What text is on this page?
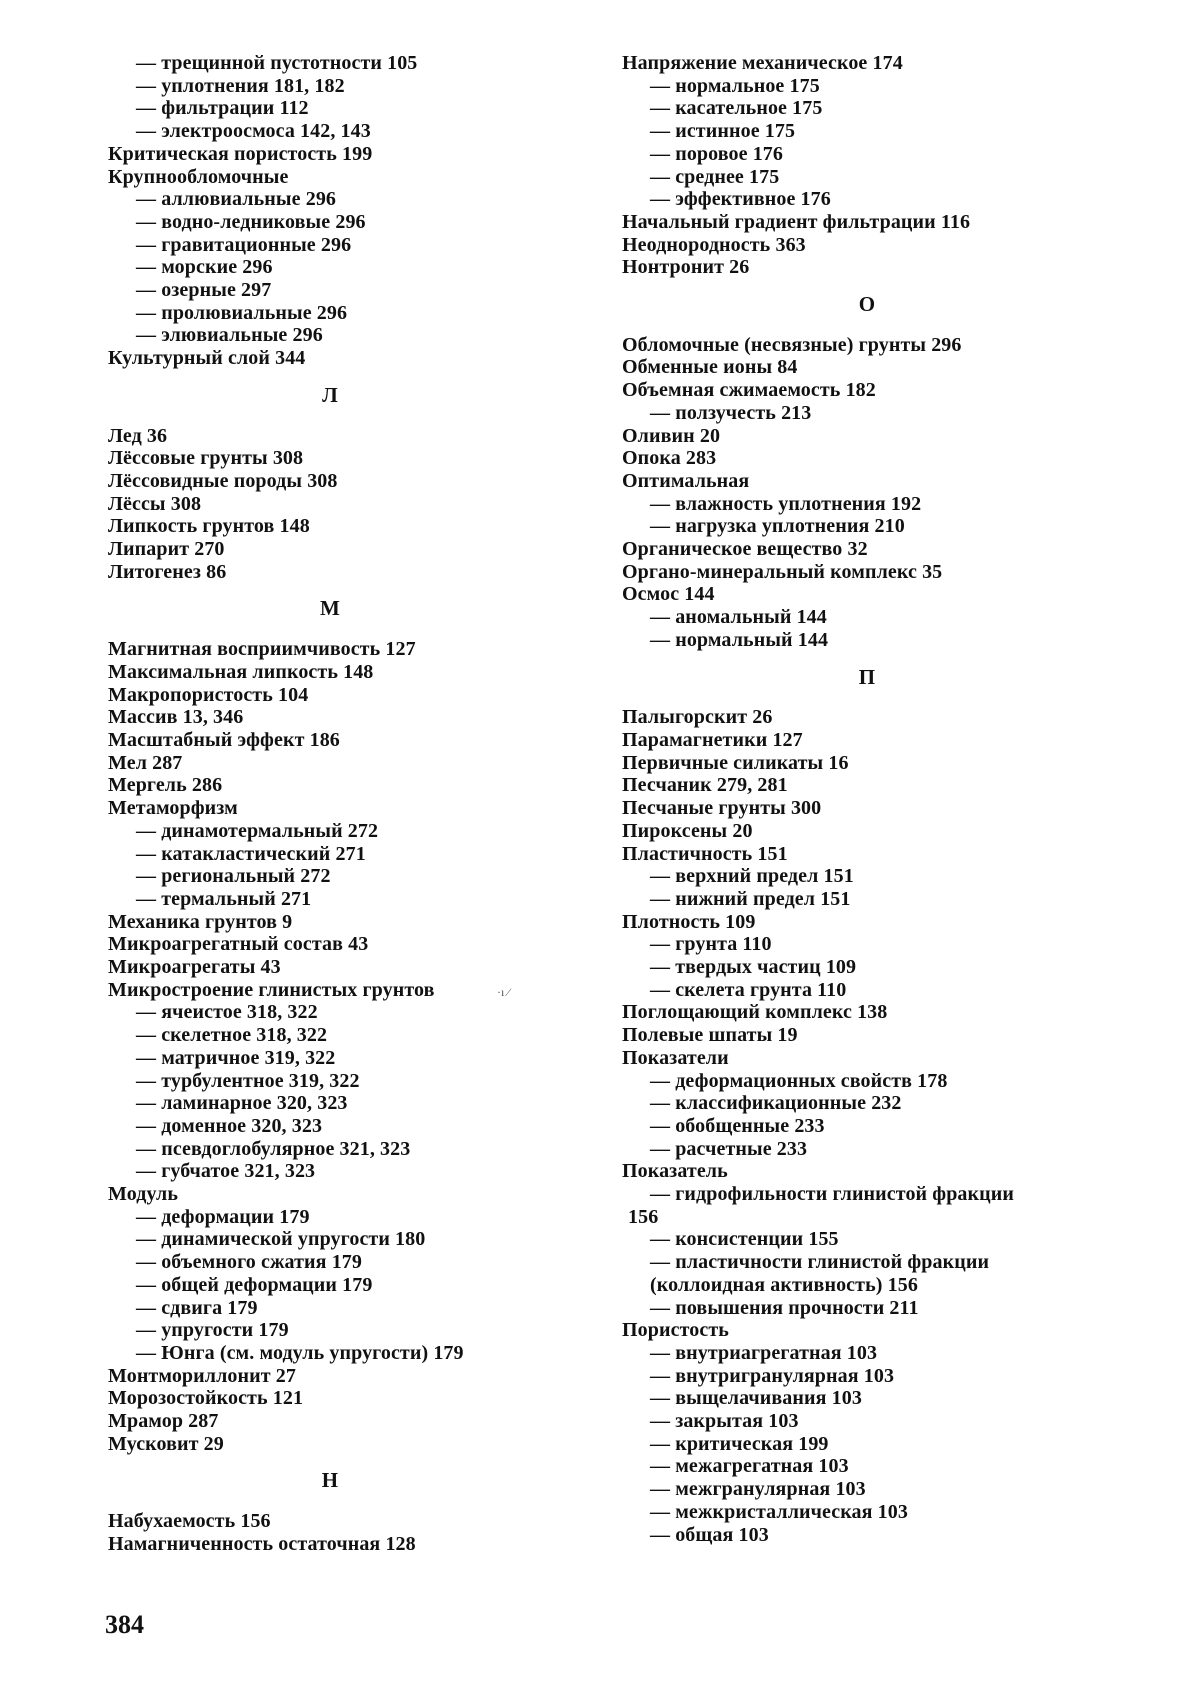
— трещинной пустотности 105
— уплотнения 181, 182
— фильтрации 112
— электроосмоса 142, 143
Критическая пористость 199
Крупнообломочные
— аллювиальные 296
— водно-ледниковые 296
— гравитационные 296
— морские 296
— озерные 297
— пролювиальные 296
— элювиальные 296
Культурный слой 344
Л
Лед 36
Лёссовые грунты 308
Лёссовидные породы 308
Лёссы 308
Липкость грунтов 148
Липарит 270
Литогенез 86
М
Магнитная восприимчивость 127
Максимальная липкость 148
Макропористость 104
Массив 13, 346
Масштабный эффект 186
Мел 287
Мергель 286
Метаморфизм
— динамотермальный 272
— катакластический 271
— региональный 272
— термальный 271
Механика грунтов 9
Микроагрегатный состав 43
Микроагрегаты 43
Микростроение глинистых грунтов
— ячеистое 318, 322
— скелетное 318, 322
— матричное 319, 322
— турбулентное 319, 322
— ламинарное 320, 323
— доменное 320, 323
— псевдоглобулярное 321, 323
— губчатое 321, 323
Модуль
— деформации 179
— динамической упругости 180
— объемного сжатия 179
— общей деформации 179
— сдвига 179
— упругости 179
— Юнга (см. модуль упругости) 179
Монтмориллонит 27
Морозостойкость 121
Мрамор 287
Мусковит 29
Н
Набухаемость 156
Намагниченность остаточная 128
Напряжение механическое 174
— нормальное 175
— касательное 175
— истинное 175
— поровое 176
— среднее 175
— эффективное 176
Начальный градиент фильтрации 116
Неоднородность 363
Нонтронит 26
О
Обломочные (несвязные) грунты 296
Обменные ионы 84
Объемная сжимаемость 182
— ползучесть 213
Оливин 20
Опока 283
Оптимальная
— влажность уплотнения 192
— нагрузка уплотнения 210
Органическое вещество 32
Органо-минеральный комплекс 35
Осмос 144
— аномальный 144
— нормальный 144
П
Палыгорскит 26
Парамагнетики 127
Первичные силикаты 16
Песчаник 279, 281
Песчаные грунты 300
Пироксены 20
Пластичность 151
— верхний предел 151
— нижний предел 151
Плотность 109
— грунта 110
— твердых частиц 109
— скелета грунта 110
Поглощающий комплекс 138
Полевые шпаты 19
Показатели
— деформационных свойств 178
— классификационные 232
— обобщенные 233
— расчетные 233
Показатель
— гидрофильности глинистой фракции
156
— консистенции 155
— пластичности глинистой фракции
(коллоидная активность) 156
— повышения прочности 211
Пористость
— внутриагрегатная 103
— внутригранулярная 103
— выщелачивания 103
— закрытая 103
— критическая 199
— межагрегатная 103
— межгранулярная 103
— межкристаллическая 103
— общая 103
·ı ⁄
384
